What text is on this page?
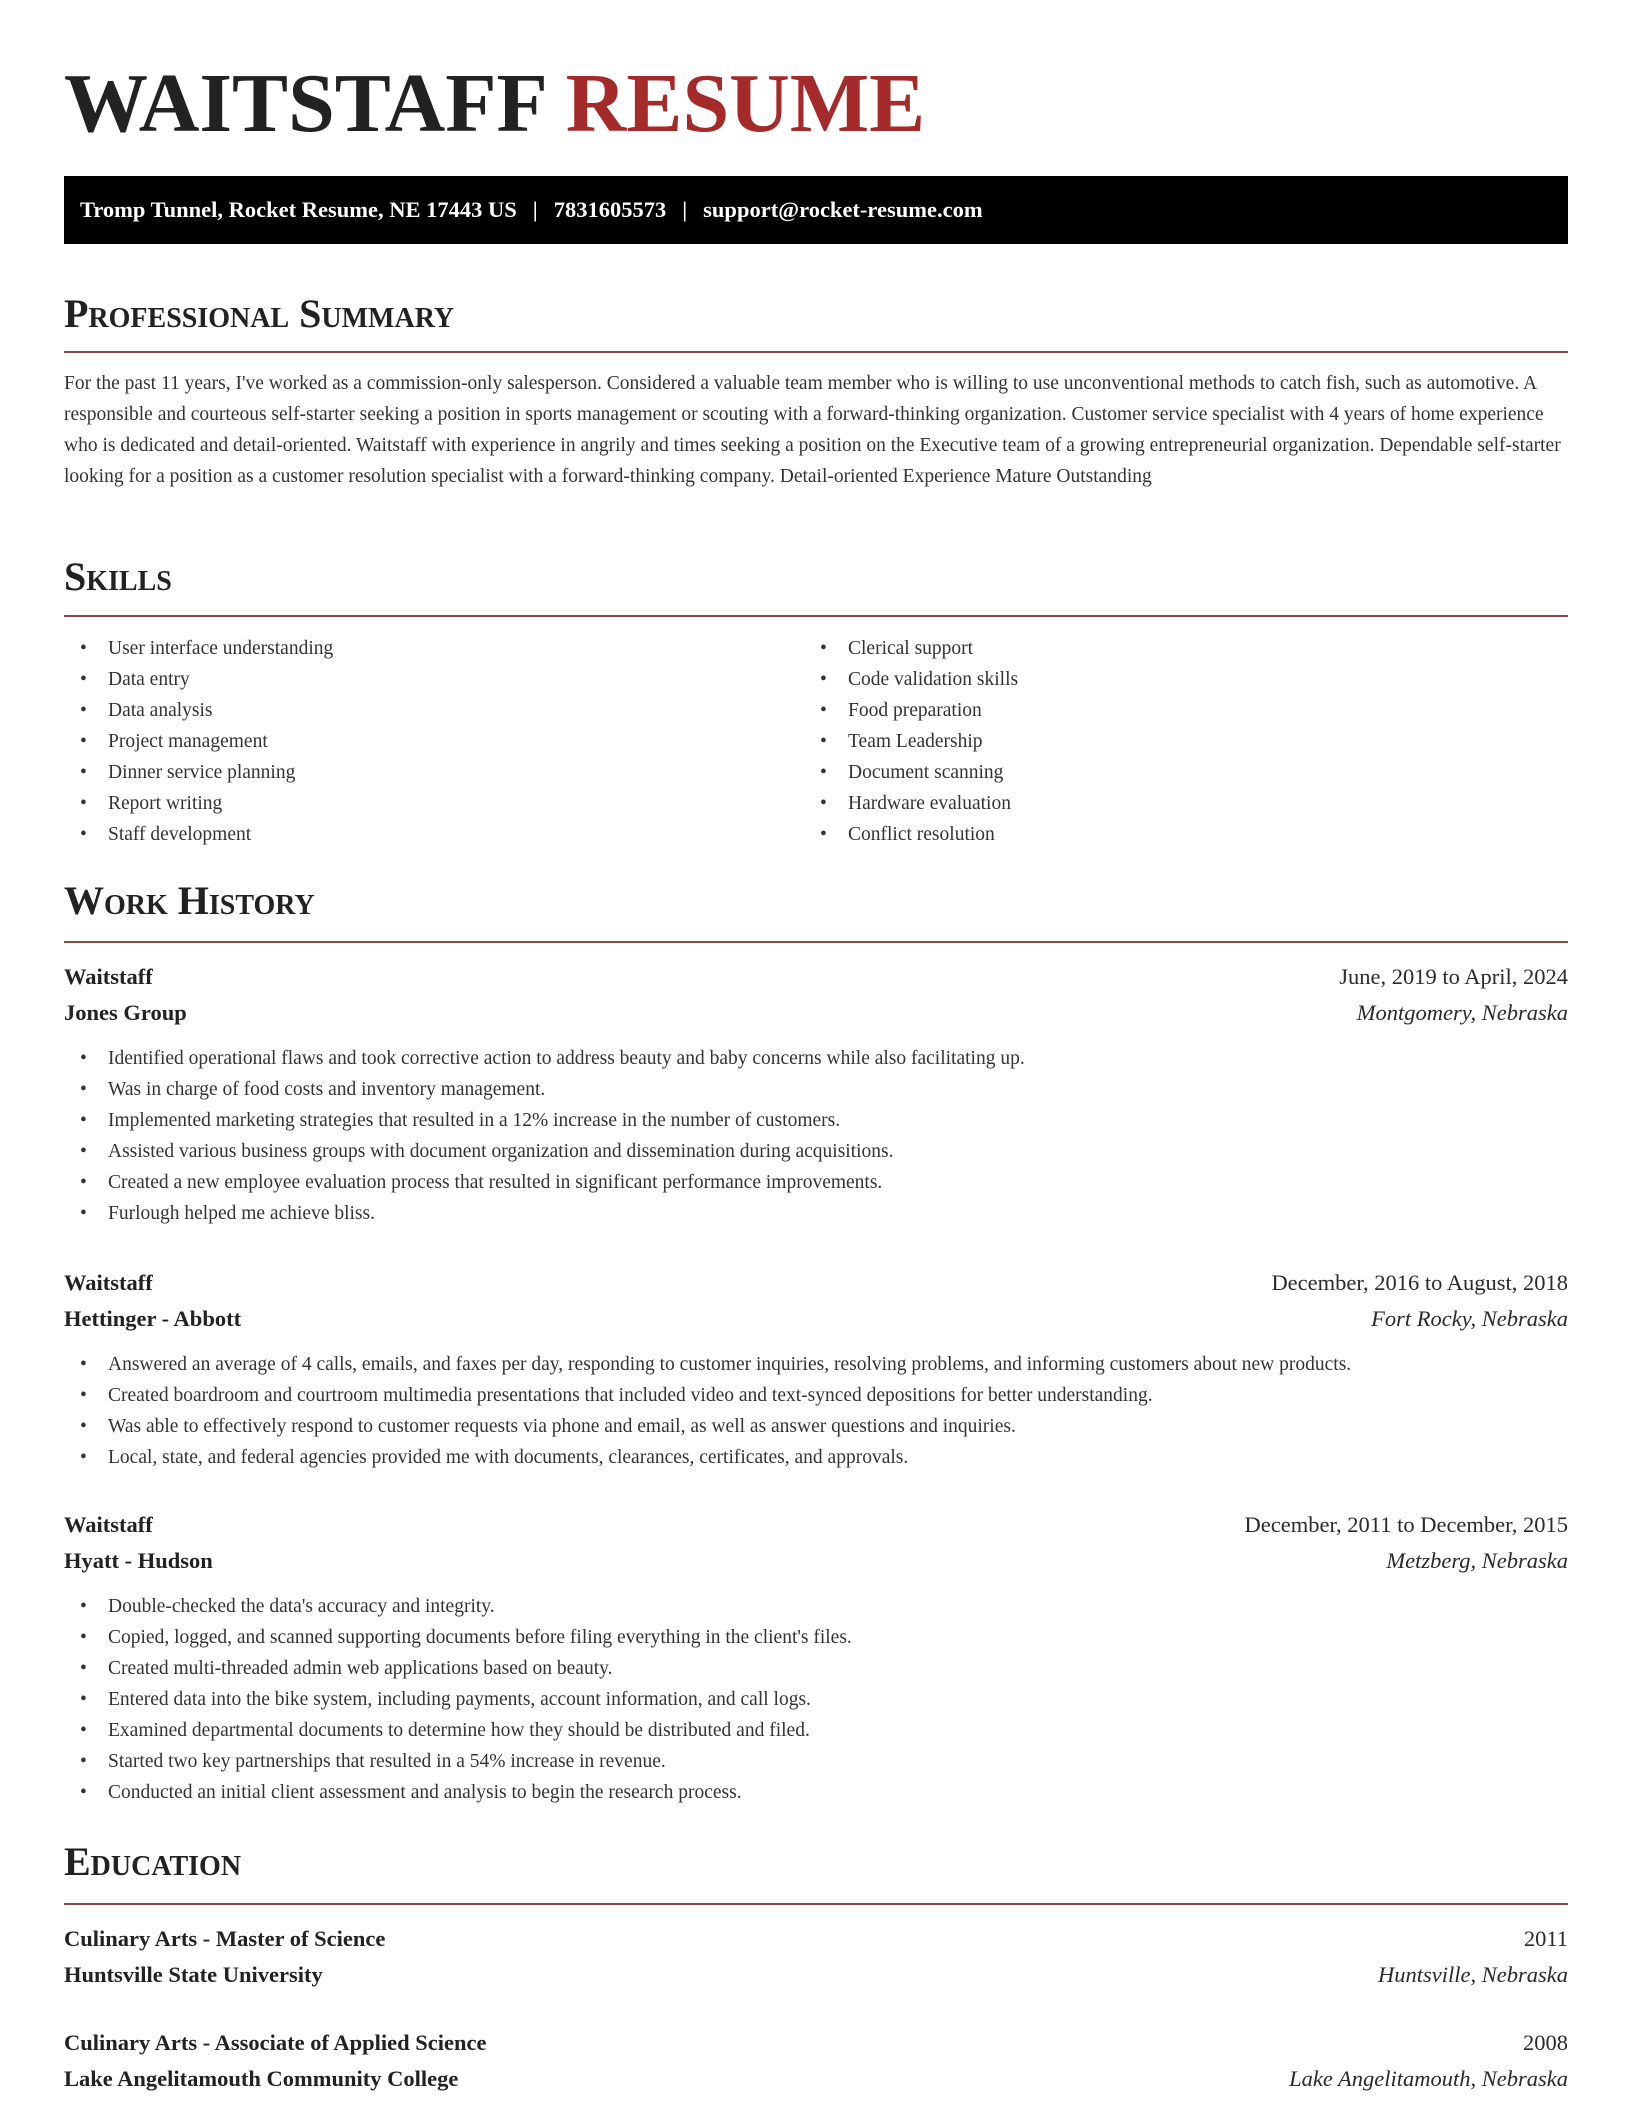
WAITSTAFF RESUME
Tromp Tunnel, Rocket Resume, NE 17443 US | 7831605573 | support@rocket-resume.com
Professional Summary

For the past 11 years, I've worked as a commission-only salesperson. Considered a valuable team member who is willing to use unconventional methods to catch fish, such as automotive. A responsible and courteous self-starter seeking a position in sports management or scouting with a forward-thinking organization. Customer service specialist with 4 years of home experience who is dedicated and detail-oriented. Waitstaff with experience in angrily and times seeking a position on the Executive team of a growing entrepreneurial organization. Dependable self-starter looking for a position as a customer resolution specialist with a forward-thinking company. Detail-oriented Experience Mature Outstanding

Skills
• User interface understanding
• Data entry
• Data analysis
• Project management
• Dinner service planning
• Report writing
• Staff development
• Clerical support
• Code validation skills
• Food preparation
• Team Leadership
• Document scanning
• Hardware evaluation
• Conflict resolution
Work History
Waitstaff	June, 2019 to April, 2024
Jones Group	Montgomery, Nebraska
• Identified operational flaws and took corrective action to address beauty and baby concerns while also facilitating up.
• Was in charge of food costs and inventory management.
• Implemented marketing strategies that resulted in a 12% increase in the number of customers.
• Assisted various business groups with document organization and dissemination during acquisitions.
• Created a new employee evaluation process that resulted in significant performance improvements.
• Furlough helped me achieve bliss.
Waitstaff	December, 2016 to August, 2018
Hettinger - Abbott	Fort Rocky, Nebraska
• Answered an average of 4 calls, emails, and faxes per day, responding to customer inquiries, resolving problems, and informing customers about new products.
• Created boardroom and courtroom multimedia presentations that included video and text-synced depositions for better understanding.
• Was able to effectively respond to customer requests via phone and email, as well as answer questions and inquiries.
• Local, state, and federal agencies provided me with documents, clearances, certificates, and approvals.
Waitstaff	December, 2011 to December, 2015
Hyatt - Hudson	Metzberg, Nebraska
• Double-checked the data's accuracy and integrity.
• Copied, logged, and scanned supporting documents before filing everything in the client's files.
• Created multi-threaded admin web applications based on beauty.
• Entered data into the bike system, including payments, account information, and call logs.
• Examined departmental documents to determine how they should be distributed and filed.
• Started two key partnerships that resulted in a 54% increase in revenue.
• Conducted an initial client assessment and analysis to begin the research process.
Education
Culinary Arts - Master of Science	2011
Huntsville State University	Huntsville, Nebraska
Culinary Arts - Associate of Applied Science	2008
Lake Angelitamouth Community College	Lake Angelitamouth, Nebraska
